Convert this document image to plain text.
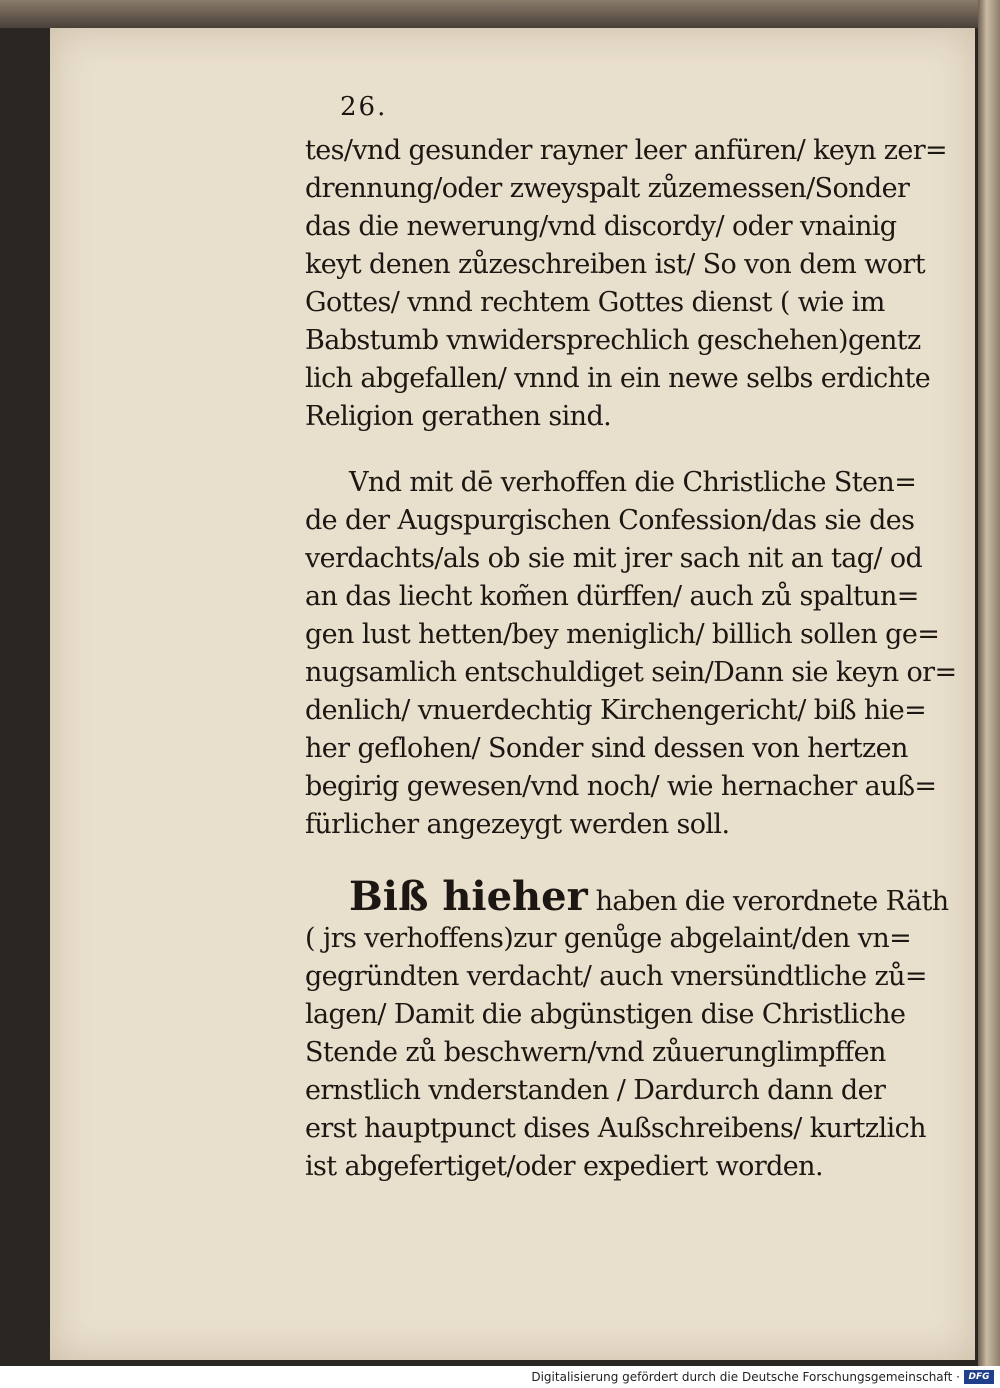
26.
tes/vnd gesunder rayner leer anfüren/ keyn zer=
drennung/oder zweyspalt zůzemessen/Sonder
das die newerung/vnd discordy/ oder vnainig
keyt denen zůzeschreiben ist/ So von dem wort
Gottes/ vnnd rechtem Gottes dienst ( wie im
Babstumb vnwidersprechlich geschehen)gentz
lich abgefallen/ vnnd in ein newe selbs erdichte
Religion gerathen sind.
Vnd mit dē verhoffen die Christliche Sten=
de der Augspurgischen Confession/das sie des
verdachts/als ob sie mit jrer sach nit an tag/ od
an das liecht kom̃en dürffen/ auch zů spaltun=
gen lust hetten/bey meniglich/ billich sollen ge=
nugsamlich entschuldiget sein/Dann sie keyn or=
denlich/ vnuerdechtig Kirchengericht/ biß hie=
her geflohen/ Sonder sind dessen von hertzen
begirig gewesen/vnd noch/ wie hernacher auß=
fürlicher angezeygt werden soll.
Biß hieher haben die verordnete Räth
( jrs verhoffens)zur genůge abgelaint/den vn=
gegründten verdacht/ auch vnersündtliche zů=
lagen/ Damit die abgünstigen dise Christliche
Stende zů beschwern/vnd zůuerunglimpffen
ernstlich vnderstanden / Dardurch dann der
erst hauptpunct dises Außschreibens/ kurtzlich
ist abgefertiget/oder expediert worden.
Digitalisierung gefördert durch die Deutsche Forschungsgemeinschaft · DFG
